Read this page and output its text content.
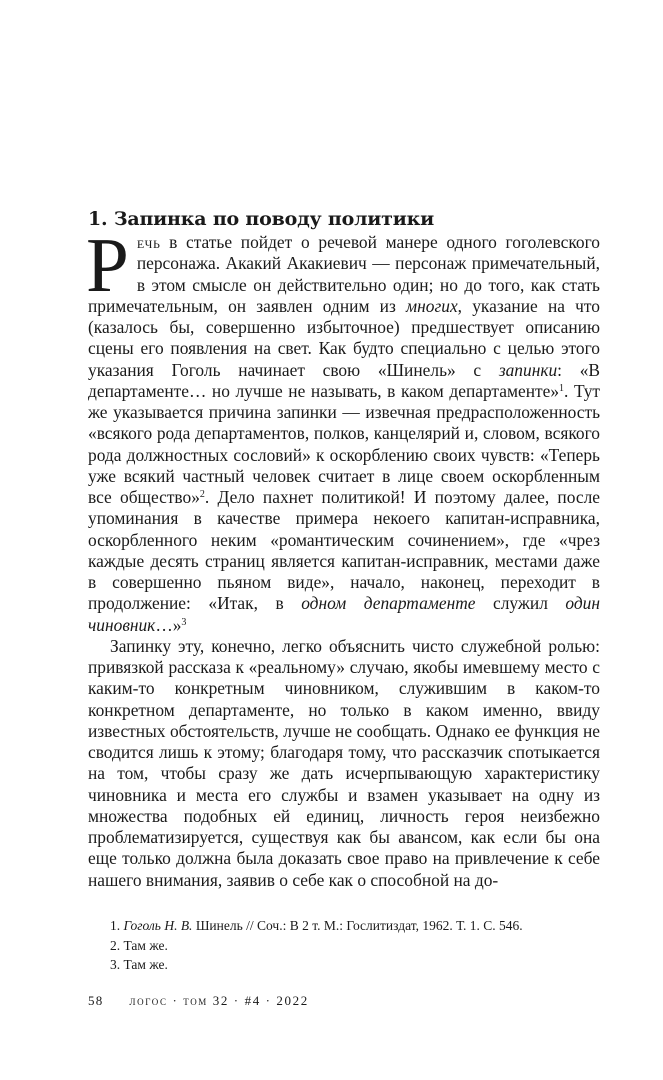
1. Запинка по поводу политики

Речь в статье пойдет о речевой манере одного гоголевского персонажа. Акакий Акакиевич — персонаж примечательный, в этом смысле он действительно один; но до того, как стать примечательным, он заявлен одним из многих, указание на что (казалось бы, совершенно избыточное) предшествует описанию сцены его появления на свет. Как будто специально с целью этого указания Гоголь начинает свою «Шинель» с запинки: «В департаменте… но лучше не называть, в каком департаменте»$^1$. Тут же указывается причина запинки — извечная предрасположенность «всякого рода департаментов, полков, канцелярий и, словом, всякого рода должностных сословий» к оскорблению своих чувств: «Теперь уже всякий частный человек считает в лице своем оскорбленным все общество»$^2$. Дело пахнет политикой! И поэтому далее, после упоминания в качестве примера некоего капитан-исправника, оскорбленного неким «романтическим сочинением», где «чрез каждые десять страниц является капитан-исправник, местами даже в совершенно пьяном виде», начало, наконец, переходит в продолжение: «Итак, в одном департаменте служил один чиновник…»$^3$

Запинку эту, конечно, легко объяснить чисто служебной ролью: привязкой рассказа к «реальному» случаю, якобы имевшему место с каким-то конкретным чиновником, служившим в каком-то конкретном департаменте, но только в каком именно, ввиду известных обстоятельств, лучше не сообщать. Однако ее функция не сводится лишь к этому; благодаря тому, что рассказчик спотыкается на том, чтобы сразу же дать исчерпывающую характеристику чиновника и места его службы и взамен указывает на одну из множества подобных ей единиц, личность героя неизбежно проблематизируется, существуя как бы авансом, как если бы она еще только должна была доказать свое право на привлечение к себе нашего внимания, заявив о себе как о способной на до-

1. Гоголь Н. В. Шинель // Соч.: В 2 т. М.: Гослитиздат, 1962. Т. 1. С. 546.
2. Там же.
3. Там же.
58 логос · том 32 · #4 · 2022
